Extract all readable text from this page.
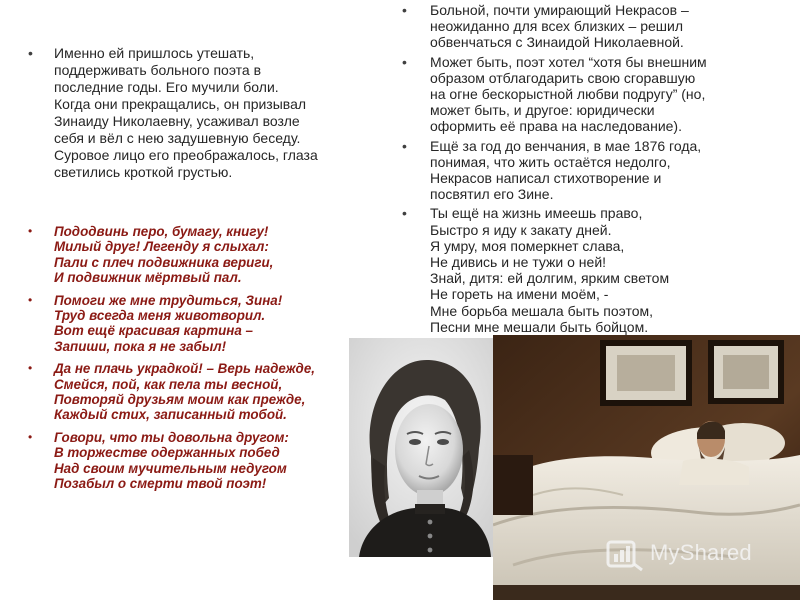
• Именно ей пришлось утешать,
поддерживать больного поэта в
последние годы. Его мучили боли.
Когда они прекращались, он призывал
Зинаиду Николаевну, усаживал возле
себя и вёл с нею задушевную беседу.
Суровое лицо его преображалось, глаза
светились кроткой грустью.
• Пододвинь перо, бумагу, книгу!
Милый друг! Легенду я слыхал:
Пали с плеч подвижника вериги,
И подвижник мёртвый пал.
• Помоги же мне трудиться, Зина!
Труд всегда меня животворил.
Вот ещё красивая картина –
Запиши, пока я не забыл!
• Да не плачь украдкой! – Верь надежде,
Смейся, пой, как пела ты весной,
Повторяй друзьям моим как прежде,
Каждый стих, записанный тобой.
• Говори, что ты довольна другом:
В торжестве одержанных побед
Над своим мучительным недугом
Позабыл о смерти твой поэт!
• Больной, почти умирающий Некрасов –
неожиданно для всех близких – решил
обвенчаться с Зинаидой Николаевной.
• Может быть, поэт хотел “хотя бы внешним
образом отблагодарить свою сгоравшую
на огне бескорыстной любви подругу” (но,
может быть, и другое: юридически
оформить её права на наследование).
• Ещё за год до венчания, в мае 1876 года,
понимая, что жить остаётся недолго,
Некрасов написал стихотворение и
посвятил его Зине.
• Ты ещё на жизнь имеешь право,
Быстро я иду к закату дней.
Я умру, моя померкнет слава,
Не дивись и не тужи о ней!
Знай, дитя: ей долгим, ярким светом
Не гореть на имени моём, -
Мне борьба мешала быть поэтом,
Песни мне мешали быть бойцом.
MyShared
